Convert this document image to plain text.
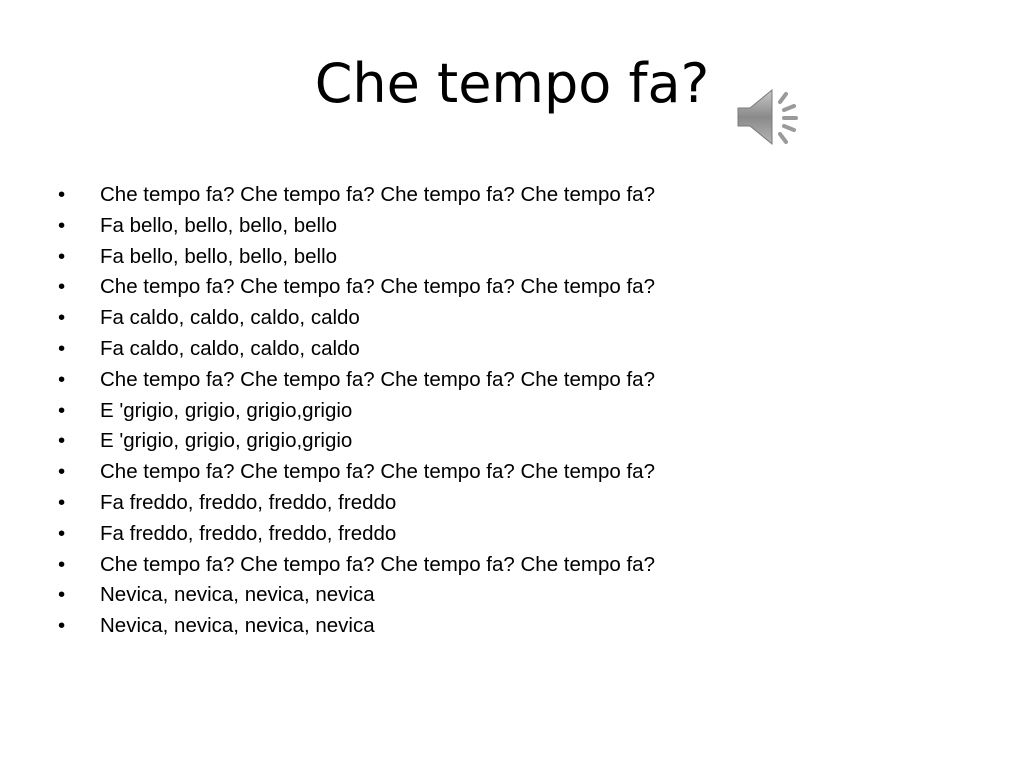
Che tempo fa?
• Che tempo fa? Che tempo fa? Che tempo fa? Che tempo fa?
• Fa bello, bello, bello, bello
• Fa bello, bello, bello, bello
• Che tempo fa? Che tempo fa? Che tempo fa? Che tempo fa?
• Fa caldo, caldo, caldo, caldo
• Fa caldo, caldo, caldo, caldo
• Che tempo fa? Che tempo fa? Che tempo fa? Che tempo fa?
• E 'grigio, grigio, grigio,grigio
• E 'grigio, grigio, grigio,grigio
• Che tempo fa? Che tempo fa? Che tempo fa? Che tempo fa?
• Fa freddo, freddo, freddo, freddo
• Fa freddo, freddo, freddo, freddo
• Che tempo fa? Che tempo fa? Che tempo fa? Che tempo fa?
• Nevica, nevica, nevica, nevica
• Nevica, nevica, nevica, nevica
